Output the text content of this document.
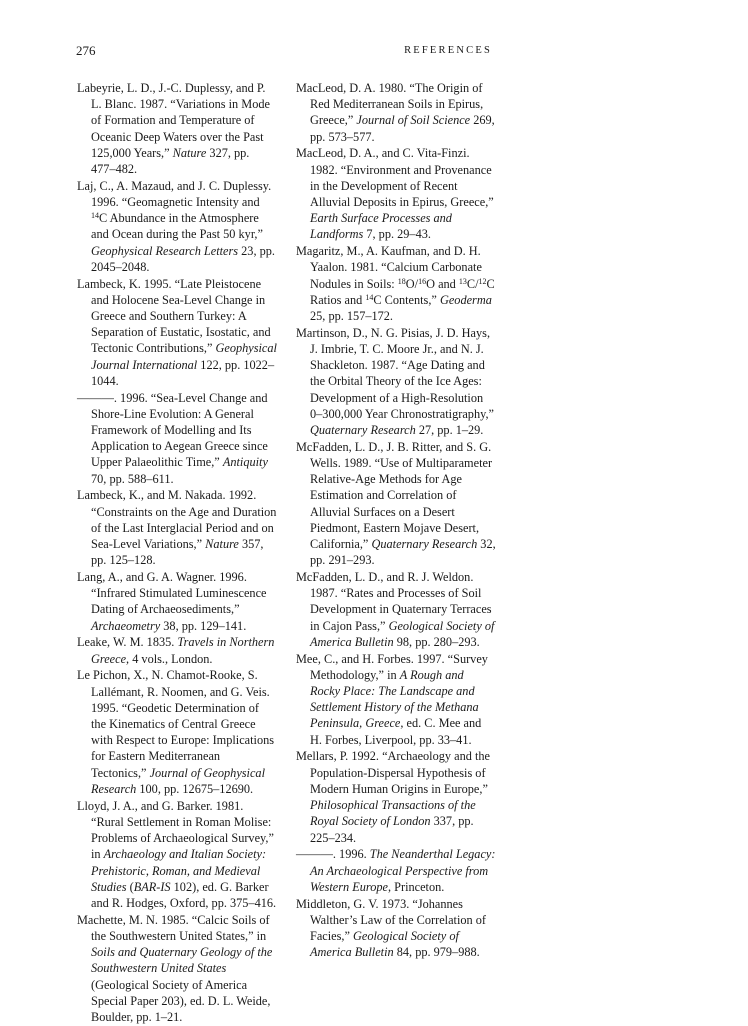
276	REFERENCES

Labeyrie, L. D., J.-C. Duplessy, and P. L. Blanc. 1987. “Variations in Mode of Formation and Temperature of Oceanic Deep Waters over the Past 125,000 Years,” Nature 327, pp. 477–482.

Laj, C., A. Mazaud, and J. C. Duplessy. 1996. “Geomagnetic Intensity and $^{14}$C Abundance in the Atmosphere and Ocean during the Past 50 kyr,” Geophysical Research Letters 23, pp. 2045–2048.

Lambeck, K. 1995. “Late Pleistocene and Holocene Sea-Level Change in Greece and Southern Turkey: A Separation of Eustatic, Isostatic, and Tectonic Contributions,” Geophysical Journal International 122, pp. 1022–1044.

———. 1996. “Sea-Level Change and Shore-Line Evolution: A General Framework of Modelling and Its Application to Aegean Greece since Upper Palaeolithic Time,” Antiquity 70, pp. 588–611.

Lambeck, K., and M. Nakada. 1992. “Constraints on the Age and Duration of the Last Interglacial Period and on Sea-Level Variations,” Nature 357, pp. 125–128.

Lang, A., and G. A. Wagner. 1996. “Infrared Stimulated Luminescence Dating of Archaeosediments,” Archaeometry 38, pp. 129–141.

Leake, W. M. 1835. Travels in Northern Greece, 4 vols., London.

Le Pichon, X., N. Chamot-Rooke, S. Lallémant, R. Noomen, and G. Veis. 1995. “Geodetic Determination of the Kinematics of Central Greece with Respect to Europe: Implications for Eastern Mediterranean Tectonics,” Journal of Geophysical Research 100, pp. 12675–12690.

Lloyd, J. A., and G. Barker. 1981. “Rural Settlement in Roman Molise: Problems of Archaeological Survey,” in Archaeology and Italian Society: Prehistoric, Roman, and Medieval Studies (BAR-IS 102), ed. G. Barker and R. Hodges, Oxford, pp. 375–416.

Machette, M. N. 1985. “Calcic Soils of the Southwestern United States,” in Soils and Quaternary Geology of the Southwestern United States (Geological Society of America Special Paper 203), ed. D. L. Weide, Boulder, pp. 1–21.

MacLeod, D. A. 1980. “The Origin of Red Mediterranean Soils in Epirus, Greece,” Journal of Soil Science 269, pp. 573–577.

MacLeod, D. A., and C. Vita-Finzi. 1982. “Environment and Provenance in the Development of Recent Alluvial Deposits in Epirus, Greece,” Earth Surface Processes and Landforms 7, pp. 29–43.

Magaritz, M., A. Kaufman, and D. H. Yaalon. 1981. “Calcium Carbonate Nodules in Soils: $^{18}$O/$^{16}$O and $^{13}$C/$^{12}$C Ratios and $^{14}$C Contents,” Geoderma 25, pp. 157–172.

Martinson, D., N. G. Pisias, J. D. Hays, J. Imbrie, T. C. Moore Jr., and N. J. Shackleton. 1987. “Age Dating and the Orbital Theory of the Ice Ages: Development of a High-Resolution 0–300,000 Year Chronostratigraphy,” Quaternary Research 27, pp. 1–29.

McFadden, L. D., J. B. Ritter, and S. G. Wells. 1989. “Use of Multiparameter Relative-Age Methods for Age Estimation and Correlation of Alluvial Surfaces on a Desert Piedmont, Eastern Mojave Desert, California,” Quaternary Research 32, pp. 291–293.

McFadden, L. D., and R. J. Weldon. 1987. “Rates and Processes of Soil Development in Quaternary Terraces in Cajon Pass,” Geological Society of America Bulletin 98, pp. 280–293.

Mee, C., and H. Forbes. 1997. “Survey Methodology,” in A Rough and Rocky Place: The Landscape and Settlement History of the Methana Peninsula, Greece, ed. C. Mee and H. Forbes, Liverpool, pp. 33–41.

Mellars, P. 1992. “Archaeology and the Population-Dispersal Hypothesis of Modern Human Origins in Europe,” Philosophical Transactions of the Royal Society of London 337, pp. 225–234.

———. 1996. The Neanderthal Legacy: An Archaeological Perspective from Western Europe, Princeton.

Middleton, G. V. 1973. “Johannes Walther’s Law of the Correlation of Facies,” Geological Society of America Bulletin 84, pp. 979–988.
